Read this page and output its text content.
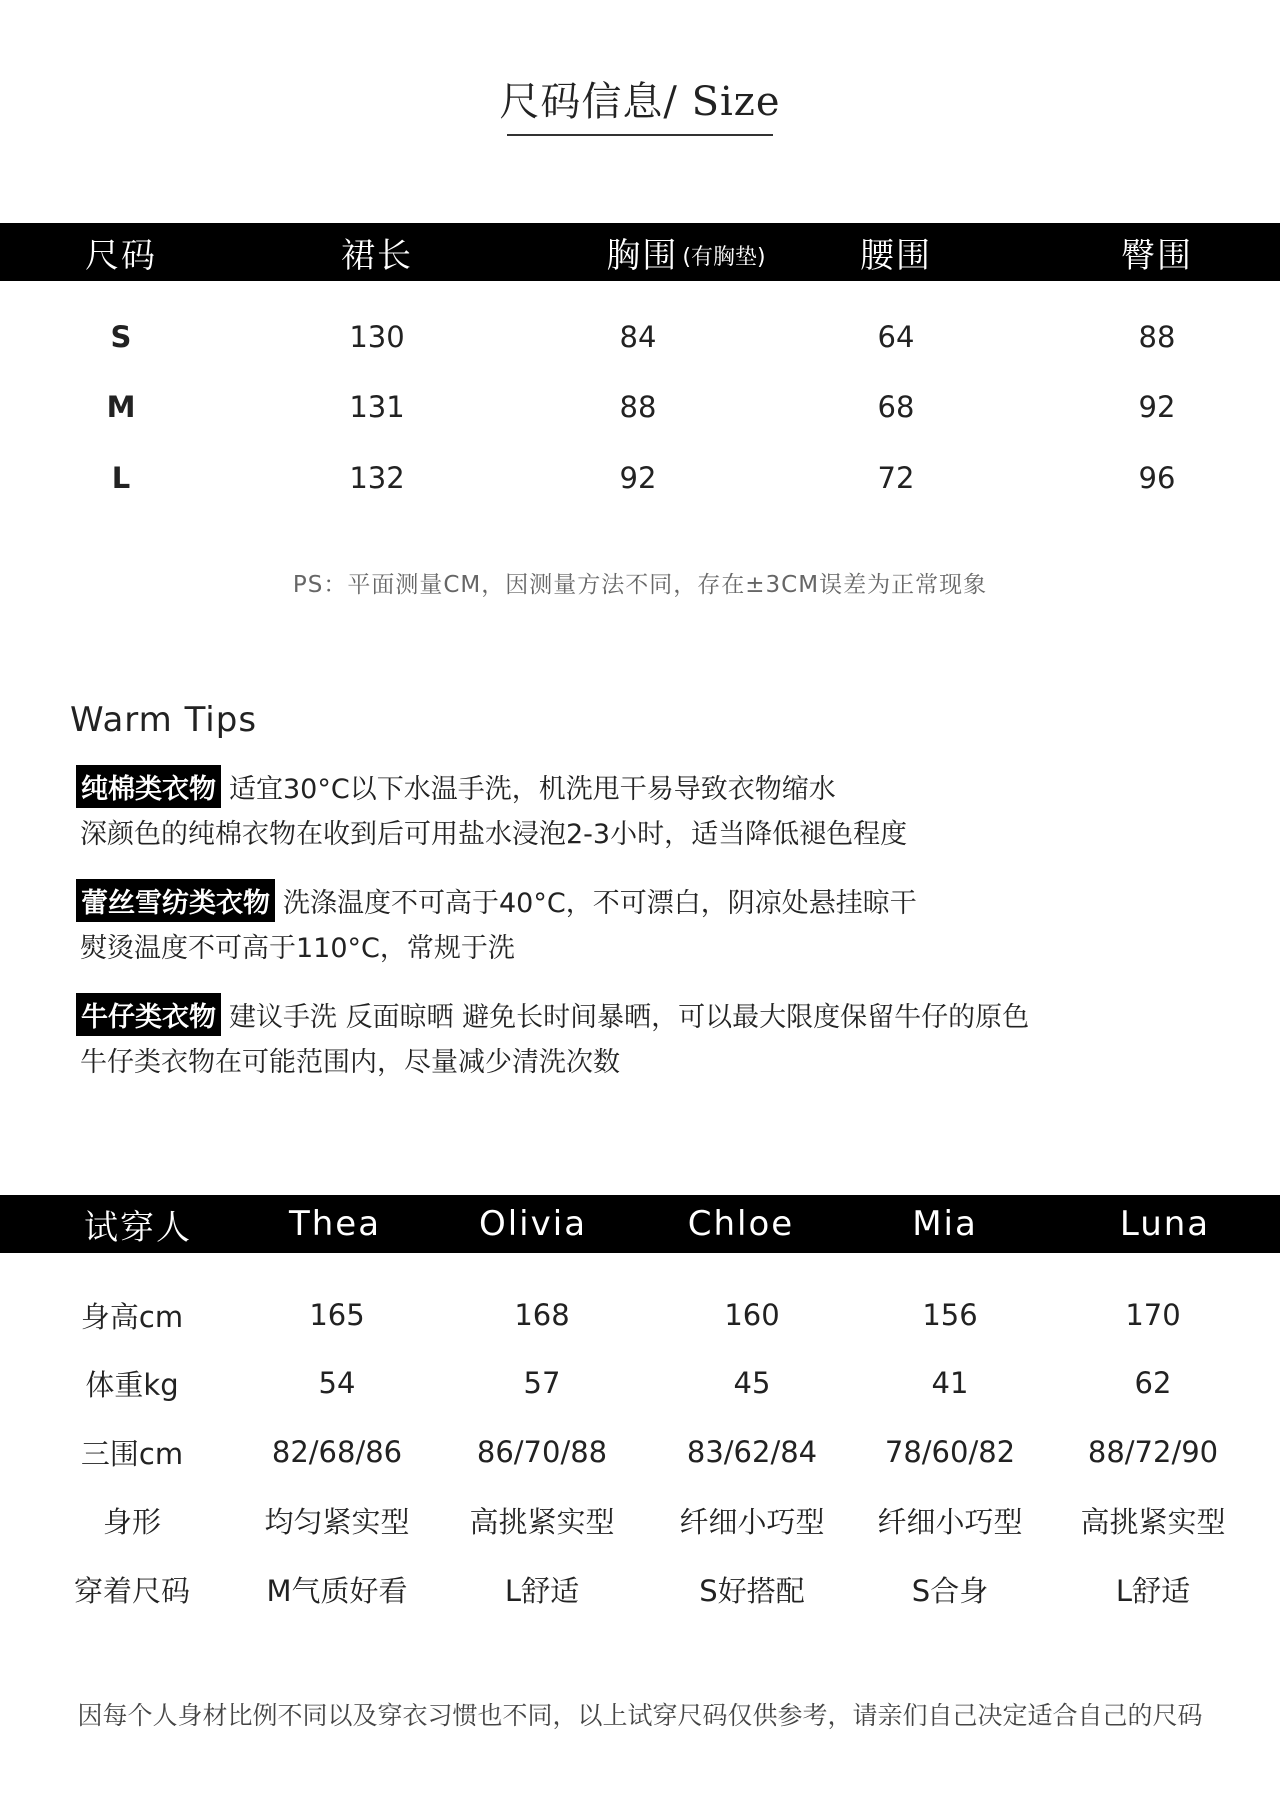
尺码信息/ Size
尺码	裙长	胸围 (有胸垫)	腰围	臀围
S	130	84	64	88
M	131	88	68	92
L	132	92	72	96
PS：平面测量CM，因测量方法不同，存在±3CM误差为正常现象
Warm Tips
纯棉类衣物 适宜30°C以下水温手洗，机洗甩干易导致衣物缩水
深颜色的纯棉衣物在收到后可用盐水浸泡2-3小时，适当降低褪色程度
蕾丝雪纺类衣物 洗涤温度不可高于40°C，不可漂白，阴凉处悬挂晾干
熨烫温度不可高于110°C，常规于洗
牛仔类衣物 建议手洗 反面晾晒 避免长时间暴晒，可以最大限度保留牛仔的原色
牛仔类衣物在可能范围内，尽量减少清洗次数
试穿人	Thea	Olivia	Chloe	Mia	Luna
身高cm	165	168	160	156	170
体重kg	54	57	45	41	62
三围cm	82/68/86	86/70/88	83/62/84 78/60/82	88/72/90
身形	均匀紧实型 高挑紧实型 纤细小巧型 纤细小巧型 高挑紧实型
穿着尺码	M气质好看	L舒适	S好搭配	S合身	L舒适
因每个人身材比例不同以及穿衣习惯也不同，以上试穿尺码仅供参考，请亲们自己决定适合自己的尺码
